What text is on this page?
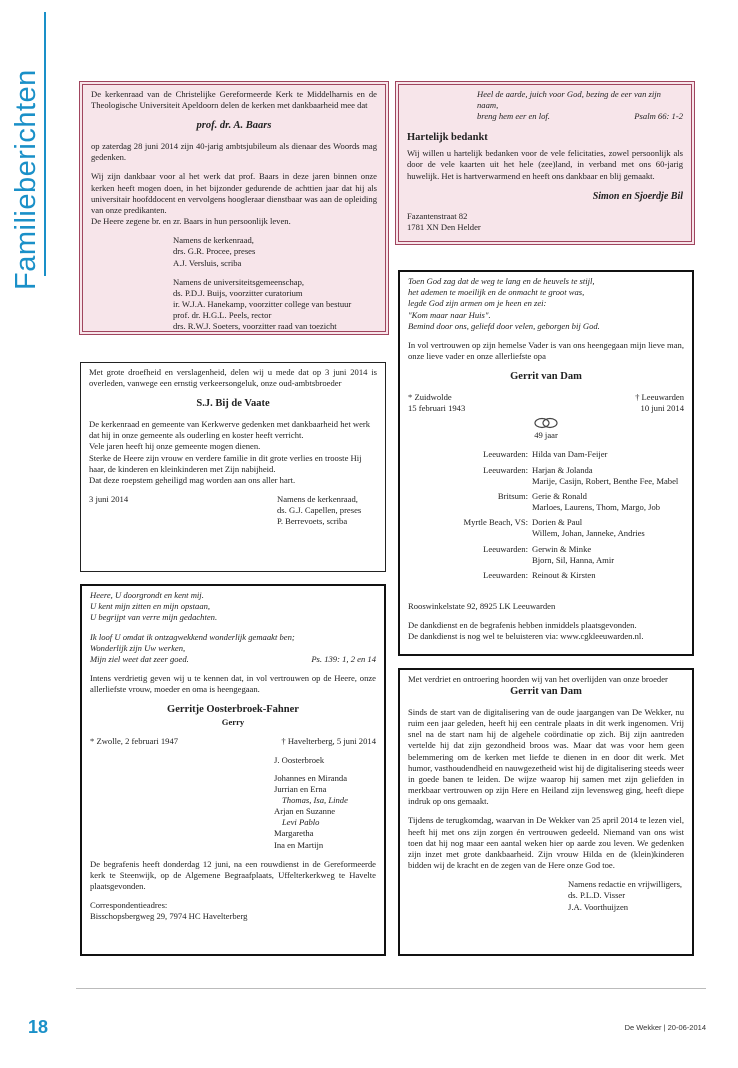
Familieberichten	De kerkenraad van de Christelijke Gereformeerde Kerk te Middelharnis en de Theologische Universiteit Apeldoorn delen de kerken met dankbaarheid mee dat

prof. dr. A. Baars

op zaterdag 28 juni 2014 zijn 40-jarig ambtsjubileum als dienaar des Woords mag gedenken.

Wij zijn dankbaar voor al het werk dat prof. Baars in deze jaren binnen onze kerken heeft mogen doen, in het bijzonder gedurende de achttien jaar dat hij als universitair hoofddocent en vervolgens hoogleraar dienstbaar was aan de opleiding van onze predikanten.

De Heere zegene br. en zr. Baars in hun persoonlijk leven.

Namens de kerkenraad,

drs. G.R. Procee, preses

A.J. Versluis, scriba

Namens de universiteitsgemeenschap,

ds. P.D.J. Buijs, voorzitter curatorium

ir. W.J.A. Hanekamp, voorzitter college van bestuur

prof. dr. H.G.L. Peels, rector

drs. R.W.J. Soeters, voorzitter raad van toezicht

Heel de aarde, juich voor God, bezing de eer van zijn naam,

breng hem eer en lof.	Psalm 66: 1-2

Hartelijk bedankt

Wij willen u hartelijk bedanken voor de vele felicitaties, zowel persoonlijk als door de vele kaarten uit het hele (zee)land, in verband met ons 60-jarig huwelijk. Het is hartverwarmend en heeft ons dankbaar en blij gemaakt.

Simon en Sjoerdje Bil

Fazantenstraat 82

1781 XN Den Helder

Met grote droefheid en verslagenheid, delen wij u mede dat op 3 juni 2014 is overleden, vanwege een ernstig verkeersongeluk, onze oud-ambtsbroeder

S.J. Bij de Vaate

De kerkenraad en gemeente van Kerkwerve gedenken met dankbaarheid het werk dat hij in onze gemeente als ouderling en koster heeft verricht.

Vele jaren heeft hij onze gemeente mogen dienen.

Sterke de Heere zijn vrouw en verdere familie in dit grote verlies en trooste Hij haar, de kinderen en kleinkinderen met Zijn nabijheid.

Dat deze roepstem geheiligd mag worden aan ons aller hart.

3 juni 2014	Namens de kerkenraad,

ds. G.J. Capellen, preses

P. Berrevoets, scriba

Heere, U doorgrondt en kent mij.

U kent mijn zitten en mijn opstaan,

U begrijpt van verre mijn gedachten.

Ik loof U omdat ik ontzagwekkend wonderlijk gemaakt ben;

Wonderlijk zijn Uw werken,

Mijn ziel weet dat zeer goed.	Ps. 139: 1, 2 en 14

Intens verdrietig geven wij u te kennen dat, in vol vertrouwen op de Heere, onze allerliefste vrouw, moeder en oma is heengegaan.

Gerritje Oosterbroek-Fahner

Gerry

* Zwolle, 2 februari 1947	† Havelterberg, 5 juni 2014

J. Oosterbroek

Johannes en Miranda

Jurrian en Erna

Thomas, Isa, Linde

Arjan en Suzanne

Levi Pablo

Margaretha

Ina en Martijn

De begrafenis heeft donderdag 12 juni, na een rouwdienst in de Gereformeerde kerk te Steenwijk, op de Algemene Begraafplaats, Uffelterkerkweg te Havelte plaatsgevonden.

Correspondentieadres:

Bisschopsbergweg 29, 7974 HC Havelterberg

Toen God zag dat de weg te lang en de heuvels te stijl,

het ademen te moeilijk en de onmacht te groot was,

legde God zijn armen om je heen en zei:

"Kom maar naar Huis".

Bemind door ons, geliefd door velen, geborgen bij God.

In vol vertrouwen op zijn hemelse Vader is van ons heengegaan mijn lieve man, onze lieve vader en onze allerliefste opa

Gerrit van Dam

* Zuidwolde

15 februari 1943

† Leeuwarden

10 juni 2014

49 jaar

Leeuwarden: Hilda van Dam-Feijer

Leeuwarden: Harjan & Jolanda

Marije, Casijn, Robert, Benthe Fee, Mabel

Britsum: Gerie & Ronald

Marloes, Laurens, Thom, Margo, Job

Myrtle Beach, VS: Dorien & Paul

Willem, Johan, Janneke, Andries

Leeuwarden: Gerwin & Minke

Bjorn, Sil, Hanna, Amir

Leeuwarden: Reinout & Kirsten

Rooswinkelstate 92, 8925 LK Leeuwarden

De dankdienst en de begrafenis hebben inmiddels plaatsgevonden.

De dankdienst is nog wel te beluisteren via: www.cgkleeuwarden.nl.

Met verdriet en ontroering hoorden wij van het overlijden van onze broeder

Gerrit van Dam

Sinds de start van de digitalisering van de oude jaargangen van De Wekker, nu ruim een jaar geleden, heeft hij een centrale plaats in dit werk ingenomen. Vrij snel na de start nam hij de algehele coördinatie op zich. Bij zijn aantreden vertelde hij dat zijn gezondheid broos was. Maar dat was voor hem geen belemmering om de kerken met liefde te dienen in en door dit werk. Met humor, vasthoudendheid en nauwgezetheid wist hij de digitalisering steeds weer in goede banen te leiden. De wijze waarop hij samen met zijn geliefden in merkbaar vertrouwen op zijn Here en Heiland zijn levensweg ging, heeft diepe indruk op ons gemaakt.

Tijdens de terugkomdag, waarvan in De Wekker van 25 april 2014 te lezen viel, heeft hij met ons zijn zorgen én vertrouwen gedeeld. Niemand van ons wist toen dat hij nog maar een aantal weken hier op aarde zou leven. We gedenken zijn inzet met grote dankbaarheid. Zijn vrouw Hilda en de (klein)kinderen bidden wij de kracht en de zegen van de Here onze God toe.

Namens redactie en vrijwilligers,

ds. P.L.D. Visser

J.A. Voorthuijzen

18	De Wekker | 20-06-2014
